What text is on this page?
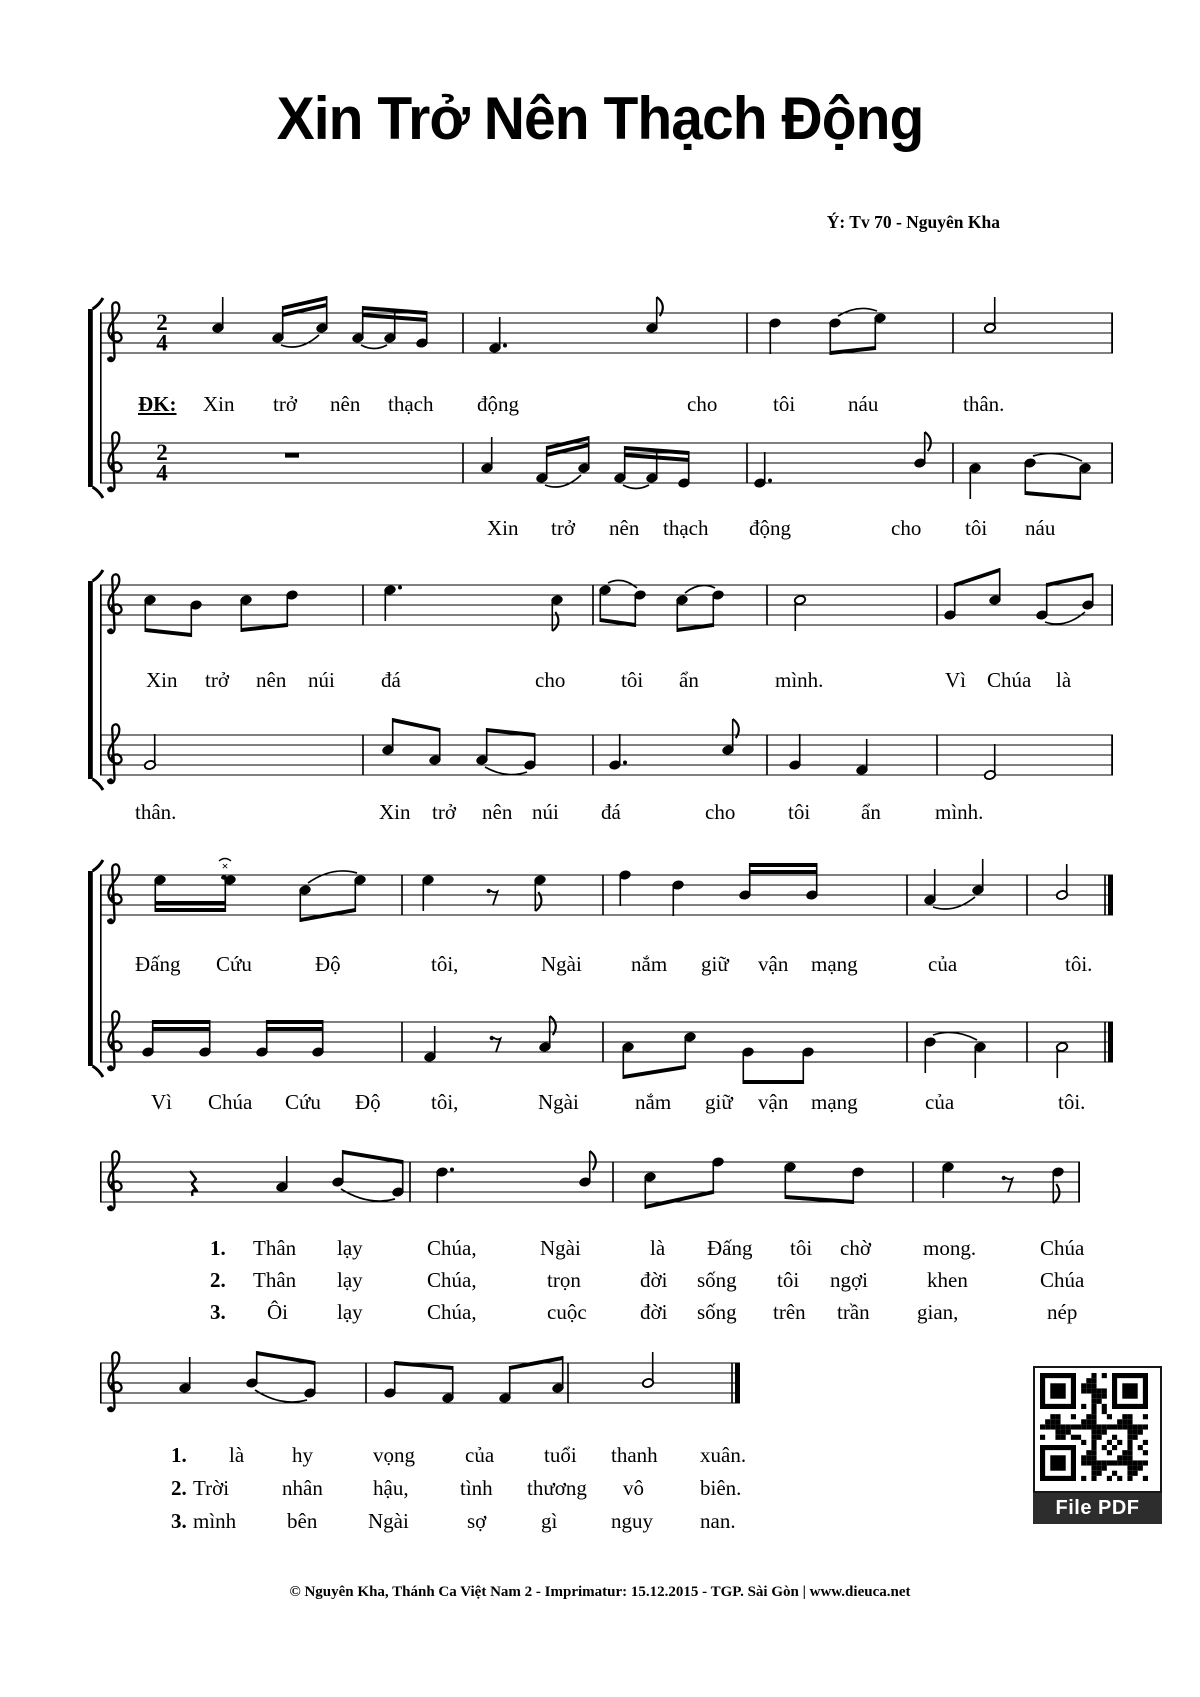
Xin Trở Nên Thạch Động
Ý: Tv 70 - Nguyên Kha
2
4
2
4
×
ĐK: Xin trở nên thạch động	cho	tôi	náu	thân.
Xin trở nên thạch động	cho tôi náu
Xin trở nên núi đá	cho	tôi ẩn	mình.	Vì Chúa là
thân.	Xin trở nên núi đá	cho	tôi ẩn	mình.
Đấng Cứu	Độ	tôi,	Ngài nắm giữ vận mạng	của	tôi.
Vì Chúa Cứu Độ tôi,	Ngài	nắm giữ vận mạng	của	tôi.
1. Thân lạy	Chúa,	Ngài	là Đấng tôi chờ mong.	Chúa
2. Thân lạy	Chúa,	trọn	đời sống tôi ngợi	khen	Chúa
3. Ôi lạy	Chúa,	cuộc	đời sống trên trần gian,	nép
1. là hy	vọng của tuổi thanh xuân.
2. Trời	nhân hậu, tình thương vô	biên.
3. mình bên Ngài	sợ	gì	nguy nan.
File PDF
© Nguyên Kha, Thánh Ca Việt Nam 2 - Imprimatur: 15.12.2015 - TGP. Sài Gòn | www.dieuca.net
